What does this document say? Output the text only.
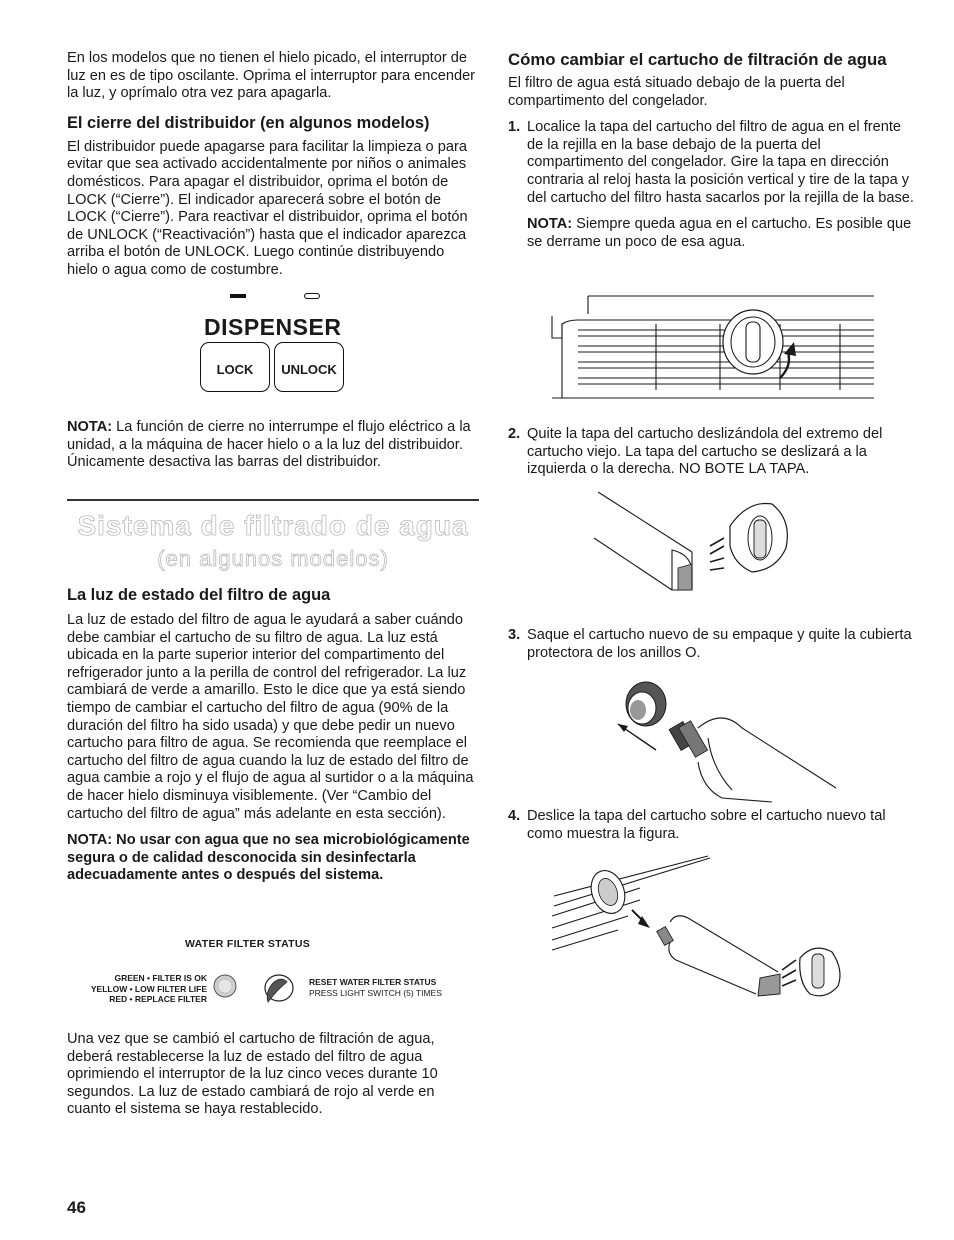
En los modelos que no tienen el hielo picado, el interruptor de luz en es de tipo oscilante. Oprima el interruptor para encender la luz, y oprímalo otra vez para apagarla.

El cierre del distribuidor (en algunos modelos)

El distribuidor puede apagarse para facilitar la limpieza o para evitar que sea activado accidentalmente por niños o animales domésticos. Para apagar el distribuidor, oprima el botón de LOCK (“Cierre”). El indicador aparecerá sobre el botón de LOCK (“Cierre”). Para reactivar el distribuidor, oprima el botón de UNLOCK (“Reactivación”) hasta que el indicador aparezca arriba el botón de UNLOCK. Luego continúe distribuyendo hielo o agua como de costumbre.

DISPENSER
LOCK	UNLOCK

NOTA: La función de cierre no interrumpe el flujo eléctrico a la unidad, a la máquina de hacer hielo o a la luz del distribuidor. Únicamente desactiva las barras del distribuidor.

Sistema de filtrado de agua
(en algunos modelos)
La luz de estado del filtro de agua

La luz de estado del filtro de agua le ayudará a saber cuándo debe cambiar el cartucho de su filtro de agua. La luz está ubicada en la parte superior interior del compartimento del refrigerador junto a la perilla de control del refrigerador. La luz cambiará de verde a amarillo. Esto le dice que ya está siendo tiempo de cambiar el cartucho del filtro de agua (90% de la duración del filtro ha sido usada) y que debe pedir un nuevo cartucho para filtro de agua. Se recomienda que reemplace el cartucho del filtro de agua cuando la luz de estado del filtro de agua cambie a rojo y el flujo de agua al surtidor o a la máquina de hacer hielo disminuya visiblemente. (Ver “Cambio del cartucho del filtro de agua” más adelante en esta sección).

NOTA: No usar con agua que no sea microbiológicamente segura o de calidad desconocida sin desinfectarla adecuadamente antes o después del sistema.

WATER FILTER STATUS
GREEN • FILTER IS OK
YELLOW • LOW FILTER LIFE
RED • REPLACE FILTER
RESET WATER FILTER STATUS
PRESS LIGHT SWITCH (5) TIMES

Una vez que se cambió el cartucho de filtración de agua, deberá restablecerse la luz de estado del filtro de agua oprimiendo el interruptor de la luz cinco veces durante 10 segundos. La luz de estado cambiará de rojo al verde en cuanto el sistema se haya restablecido.

46
Cómo cambiar el cartucho de filtración de agua

El filtro de agua está situado debajo de la puerta del compartimento del congelador.

1. Localice la tapa del cartucho del filtro de agua en el frente de la rejilla en la base debajo de la puerta del compartimento del congelador. Gire la tapa en dirección contraria al reloj hasta la posición vertical y tire de la tapa y del cartucho del filtro hasta sacarlos por la rejilla de la base.

NOTA: Siempre queda agua en el cartucho. Es posible que se derrame un poco de esa agua.

2. Quite la tapa del cartucho deslizándola del extremo del cartucho viejo. La tapa del cartucho se deslizará a la izquierda o la derecha. NO BOTE LA TAPA.
3. Saque el cartucho nuevo de su empaque y quite la cubierta protectora de los anillos O.
4. Deslice la tapa del cartucho sobre el cartucho nuevo tal como muestra la figura.
